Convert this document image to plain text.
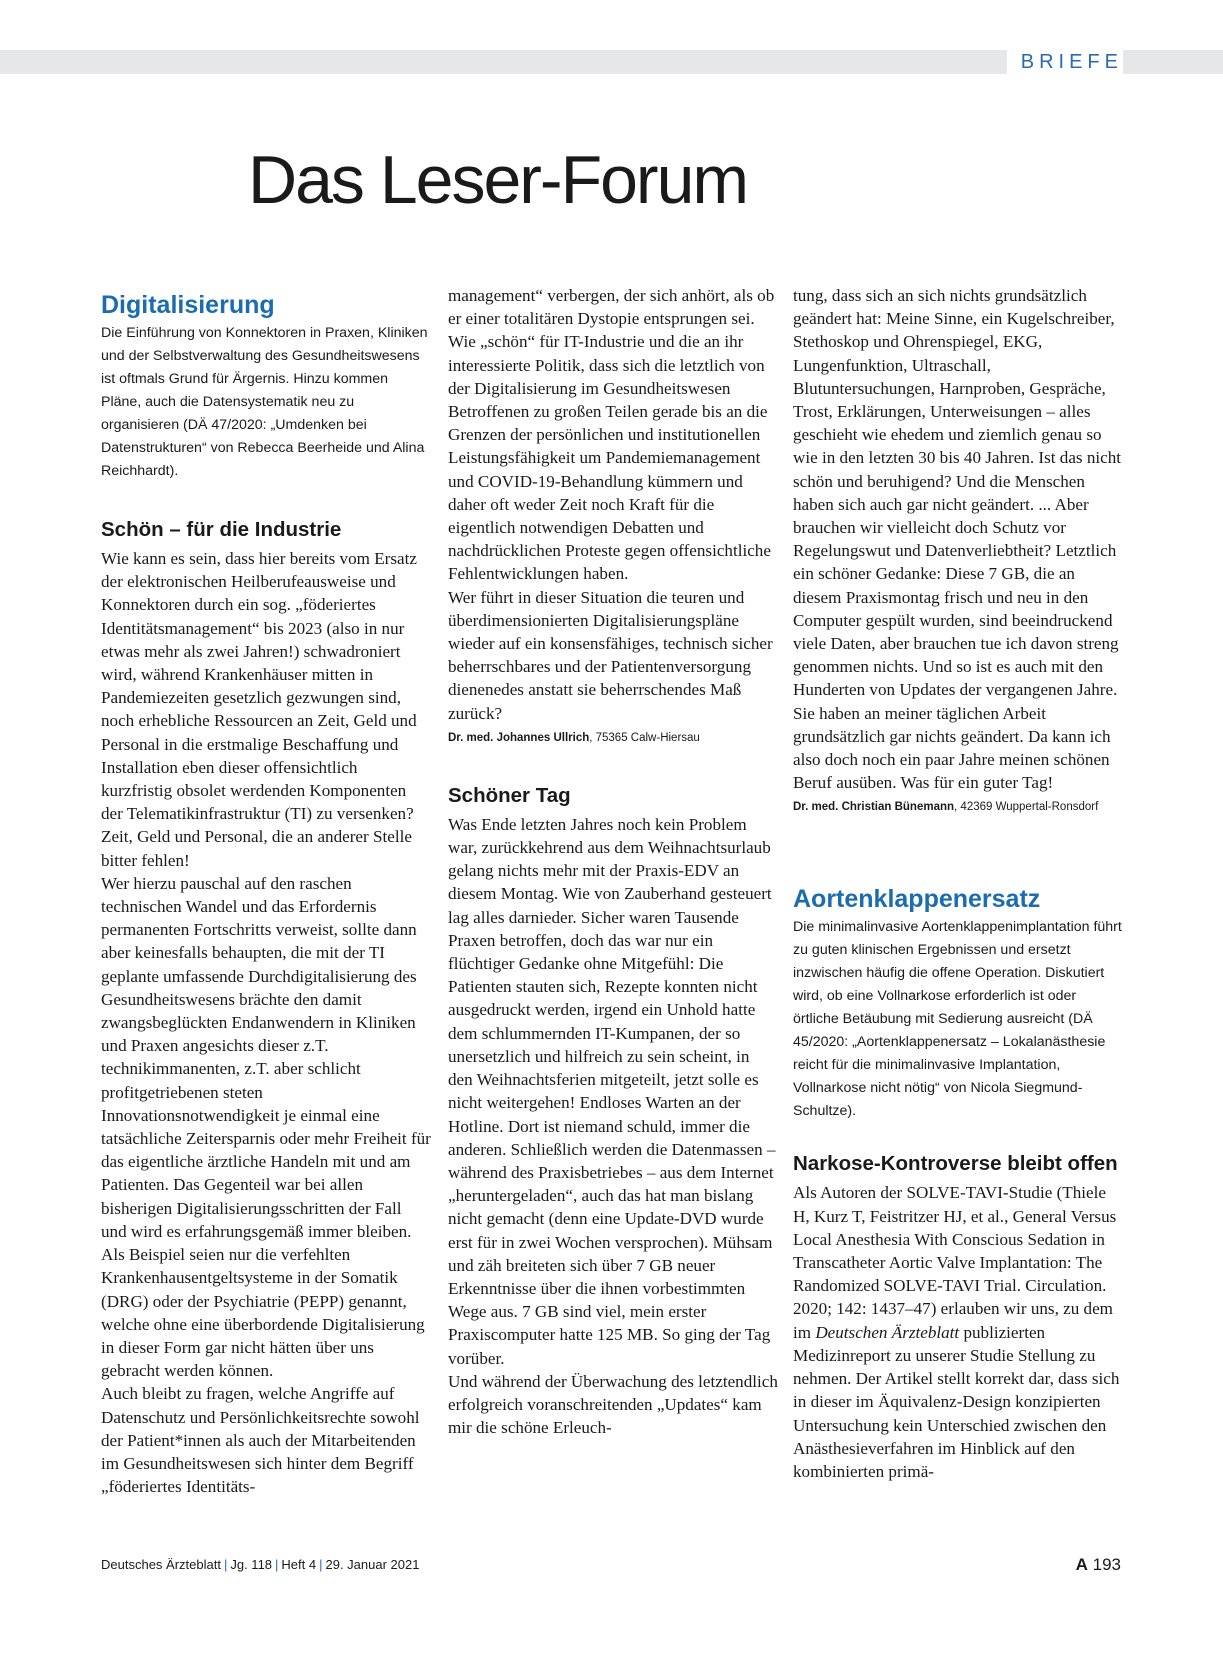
BRIEFE
Das Leser-Forum
Digitalisierung

Die Einführung von Konnektoren in Praxen, Kliniken und der Selbstverwaltung des Gesundheitswesens ist oftmals Grund für Ärgernis. Hinzu kommen Pläne, auch die Datensystematik neu zu organisieren (DÄ 47/2020: „Umdenken bei Datenstrukturen“ von Rebecca Beerheide und Alina Reichhardt).

Schön – für die Industrie

Wie kann es sein, dass hier bereits vom Ersatz der elektronischen Heilberufeausweise und Konnektoren durch ein sog. „föderiertes Identitätsmanagement“ bis 2023 (also in nur etwas mehr als zwei Jahren!) schwadroniert wird, während Krankenhäuser mitten in Pandemiezeiten gesetzlich gezwungen sind, noch erhebliche Ressourcen an Zeit, Geld und Personal in die erstmalige Beschaffung und Installation eben dieser offensichtlich kurzfristig obsolet werdenden Komponenten der Telematikinfrastruktur (TI) zu versenken? Zeit, Geld und Personal, die an anderer Stelle bitter fehlen!

Wer hierzu pauschal auf den raschen technischen Wandel und das Erfordernis permanenten Fortschritts verweist, sollte dann aber keinesfalls behaupten, die mit der TI geplante umfassende Durchdigitalisierung des Gesundheitswesens brächte den damit zwangsbeglückten Endanwendern in Kliniken und Praxen angesichts dieser z.T. technikimmanenten, z.T. aber schlicht profitgetriebenen steten Innovationsnotwendigkeit je einmal eine tatsächliche Zeitersparnis oder mehr Freiheit für das eigentliche ärztliche Handeln mit und am Patienten. Das Gegenteil war bei allen bisherigen Digitalisierungsschritten der Fall und wird es erfahrungsgemäß immer bleiben. Als Beispiel seien nur die verfehlten Krankenhausentgeltsysteme in der Somatik (DRG) oder der Psychiatrie (PEPP) genannt, welche ohne eine überbordende Digitalisierung in dieser Form gar nicht hätten über uns gebracht werden können.

Auch bleibt zu fragen, welche Angriffe auf Datenschutz und Persönlichkeitsrechte sowohl der Patient*innen als auch der Mitarbeitenden im Gesundheitswesen sich hinter dem Begriff „föderiertes Identitäts-

management“ verbergen, der sich anhört, als ob er einer totalitären Dystopie entsprungen sei.

Wie „schön“ für IT-Industrie und die an ihr interessierte Politik, dass sich die letztlich von der Digitalisierung im Gesundheitswesen Betroffenen zu großen Teilen gerade bis an die Grenzen der persönlichen und institutionellen Leistungsfähigkeit um Pandemiemanagement und COVID-19-Behandlung kümmern und daher oft weder Zeit noch Kraft für die eigentlich notwendigen Debatten und nachdrücklichen Proteste gegen offensichtliche Fehlentwicklungen haben.

Wer führt in dieser Situation die teuren und überdimensionierten Digitalisierungspläne wieder auf ein konsensfähiges, technisch sicher beherrschbares und der Patientenversorgung dienenedes anstatt sie beherrschendes Maß zurück?

Dr. med. Johannes Ullrich, 75365 Calw-Hiersau

Schöner Tag

Was Ende letzten Jahres noch kein Problem war, zurückkehrend aus dem Weihnachtsurlaub gelang nichts mehr mit der Praxis-EDV an diesem Montag. Wie von Zauberhand gesteuert lag alles darnieder. Sicher waren Tausende Praxen betroffen, doch das war nur ein flüchtiger Gedanke ohne Mitgefühl: Die Patienten stauten sich, Rezepte konnten nicht ausgedruckt werden, irgend ein Unhold hatte dem schlummernden IT-Kumpanen, der so unersetzlich und hilfreich zu sein scheint, in den Weihnachtsferien mitgeteilt, jetzt solle es nicht weitergehen! Endloses Warten an der Hotline. Dort ist niemand schuld, immer die anderen. Schließlich werden die Datenmassen – während des Praxisbetriebes – aus dem Internet „heruntergeladen“, auch das hat man bislang nicht gemacht (denn eine Update-DVD wurde erst für in zwei Wochen versprochen). Mühsam und zäh breiteten sich über 7 GB neuer Erkenntnisse über die ihnen vorbestimmten Wege aus. 7 GB sind viel, mein erster Praxiscomputer hatte 125 MB. So ging der Tag vorüber.

Und während der Überwachung des letztendlich erfolgreich voranschreitenden „Updates“ kam mir die schöne Erleuch-

tung, dass sich an sich nichts grundsätzlich geändert hat: Meine Sinne, ein Kugelschreiber, Stethoskop und Ohrenspiegel, EKG, Lungenfunktion, Ultraschall, Blutuntersuchungen, Harnproben, Gespräche, Trost, Erklärungen, Unterweisungen – alles geschieht wie ehedem und ziemlich genau so wie in den letzten 30 bis 40 Jahren. Ist das nicht schön und beruhigend? Und die Menschen haben sich auch gar nicht geändert. ... Aber brauchen wir vielleicht doch Schutz vor Regelungswut und Datenverliebtheit? Letztlich ein schöner Gedanke: Diese 7 GB, die an diesem Praxismontag frisch und neu in den Computer gespült wurden, sind beeindruckend viele Daten, aber brauchen tue ich davon streng genommen nichts. Und so ist es auch mit den Hunderten von Updates der vergangenen Jahre. Sie haben an meiner täglichen Arbeit grundsätzlich gar nichts geändert. Da kann ich also doch noch ein paar Jahre meinen schönen Beruf ausüben. Was für ein guter Tag!

Dr. med. Christian Bünemann, 42369 Wuppertal-Ronsdorf

Aortenklappenersatz

Die minimalinvasive Aortenklappenimplantation führt zu guten klinischen Ergebnissen und ersetzt inzwischen häufig die offene Operation. Diskutiert wird, ob eine Vollnarkose erforderlich ist oder örtliche Betäubung mit Sedierung ausreicht (DÄ 45/2020: „Aortenklappenersatz – Lokalanästhesie reicht für die minimalinvasive Implantation, Vollnarkose nicht nötig“ von Nicola Siegmund-Schultze).

Narkose-Kontroverse bleibt offen

Als Autoren der SOLVE-TAVI-Studie (Thiele H, Kurz T, Feistritzer HJ, et al., General Versus Local Anesthesia With Conscious Sedation in Transcatheter Aortic Valve Implantation: The Randomized SOLVE-TAVI Trial. Circulation. 2020; 142: 1437–47) erlauben wir uns, zu dem im Deutschen Ärzteblatt publizierten Medizinreport zu unserer Studie Stellung zu nehmen. Der Artikel stellt korrekt dar, dass sich in dieser im Äquivalenz-Design konzipierten Untersuchung kein Unterschied zwischen den Anästhesieverfahren im Hinblick auf den kombinierten primä-

Deutsches Ärzteblatt | Jg. 118 | Heft 4 | 29. Januar 2021	A 193
